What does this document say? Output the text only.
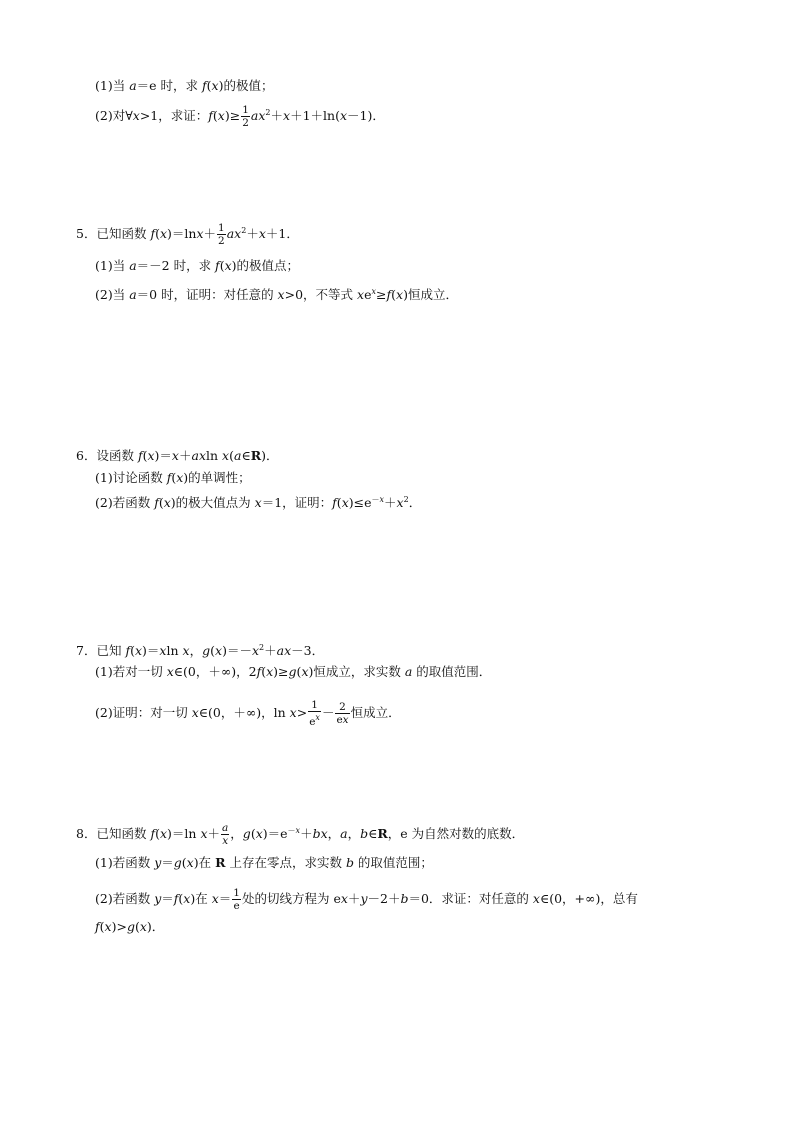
(1)当 a＝e 时，求 f(x)的极值；
(2)对∀x>1，求证：$f(x)\ge \frac{1}{2} ax^2+x+1+\ln(x-1)$．
5．已知函数 $f(x)=\ln x+ \frac{1}{2} ax^2+x+1$．
(1)当 a＝－2 时，求 f(x)的极值点；
(2)当 a＝0 时，证明：对任意的 x>0，不等式 $xe^x\ge f(x)$恒成立．
6．设函数 f(x)＝x＋axln x(a∈R)．
(1)讨论函数 f(x)的单调性；
(2)若函数 f(x)的极大值点为 x＝1，证明：$f(x)\le e^{-x}+x^2$．
7．已知 f(x)＝xln x，$g(x)=-x^2+ax-3$．
(1)若对一切 x∈(0，＋∞)，2f(x)≥g(x)恒成立，求实数 a 的取值范围．
(2)证明：对一切 x∈(0，＋∞)，$\ln x> \frac{1}{e^x} - \frac{2}{ex}$ 恒成立．
8．已知函数 f(x)＝ln $x+ \frac{a}{x}$ ，$g(x)=e^{-x}+bx$，a，b∈R，e 为自然对数的底数．
(1)若函数 y＝g(x)在 R 上存在零点，求实数 b 的取值范围；
(2)若函数 y＝f(x)在 $x= \frac{1}{e}$ 处的切线方程为 ex＋y－2＋b＝0．求证：对任意的 x∈(0，+∞)，总有
f(x)>g(x)．
